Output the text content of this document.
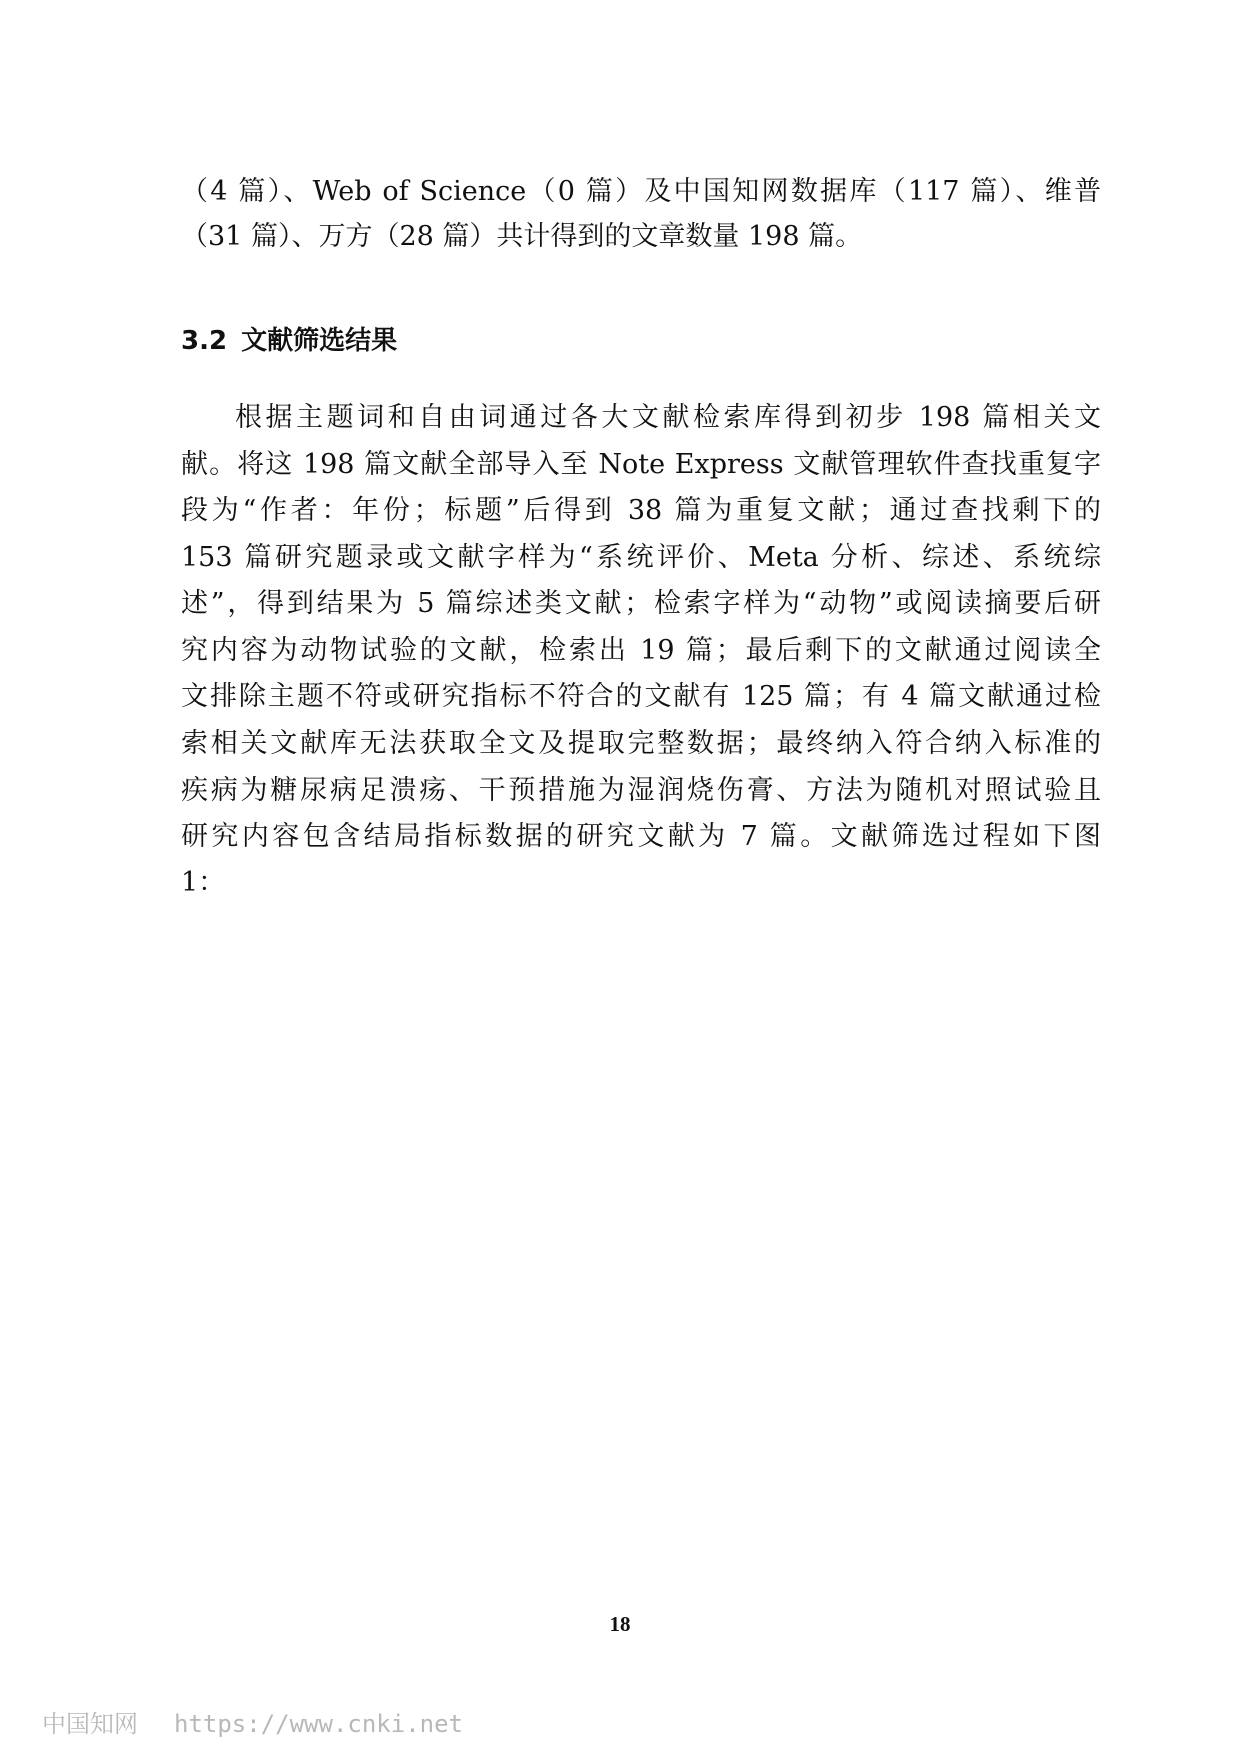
（4 篇）、Web of Science（0 篇）及中国知网数据库（117 篇）、维普
（31 篇）、万方（28 篇）共计得到的文章数量 198 篇。
3.2 文献筛选结果
根据主题词和自由词通过各大文献检索库得到初步 198 篇相关文
献。将这 198 篇文献全部导入至 Note Express 文献管理软件查找重复字
段为“作者：年份；标题”后得到 38 篇为重复文献；通过查找剩下的
153 篇研究题录或文献字样为“系统评价、Meta 分析、综述、系统综
述”，得到结果为 5 篇综述类文献；检索字样为“动物”或阅读摘要后研
究内容为动物试验的文献，检索出 19 篇；最后剩下的文献通过阅读全
文排除主题不符或研究指标不符合的文献有 125 篇；有 4 篇文献通过检
索相关文献库无法获取全文及提取完整数据；最终纳入符合纳入标准的
疾病为糖尿病足溃疡、干预措施为湿润烧伤膏、方法为随机对照试验且
研究内容包含结局指标数据的研究文献为 7 篇。文献筛选过程如下图
1：
18
中国知网 https://www.cnki.net
